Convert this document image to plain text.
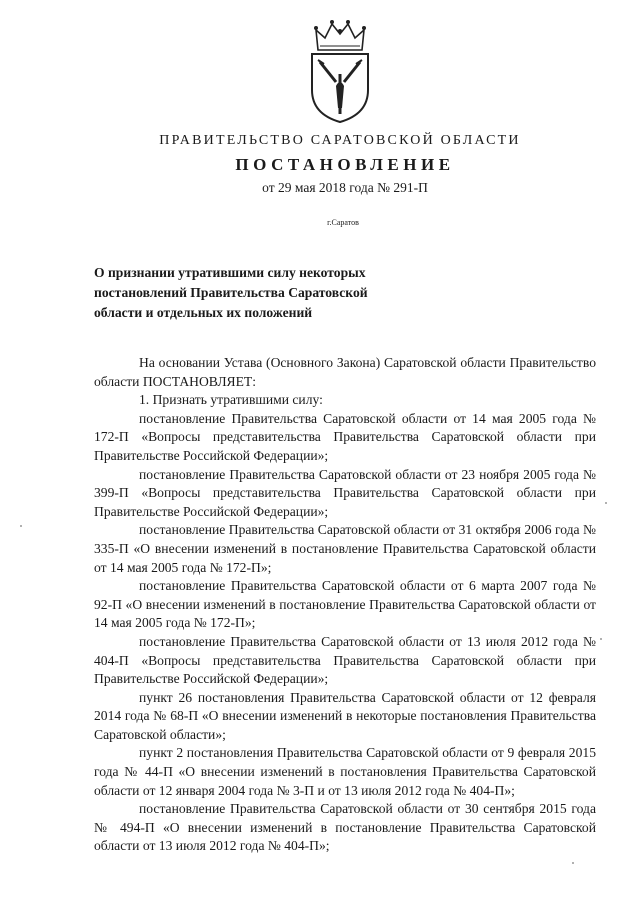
ПРАВИТЕЛЬСТВО САРАТОВСКОЙ ОБЛАСТИ
ПОСТАНОВЛЕНИЕ
от 29 мая 2018 года № 291-П
г.Саратов
О признании утратившими силу некоторых
постановлений Правительства Саратовской
области и отдельных их положений

На основании Устава (Основного Закона) Саратовской области Правительство области ПОСТАНОВЛЯЕТ:

1. Признать утратившими силу:

постановление Правительства Саратовской области от 14 мая 2005 года № 172-П «Вопросы представительства Правительства Саратовской области при Правительстве Российской Федерации»;

постановление Правительства Саратовской области от 23 ноября 2005 года № 399-П «Вопросы представительства Правительства Саратовской области при Правительстве Российской Федерации»;

постановление Правительства Саратовской области от 31 октября 2006 года № 335-П «О внесении изменений в постановление Правительства Саратовской области от 14 мая 2005 года № 172-П»;

постановление Правительства Саратовской области от 6 марта 2007 года № 92-П «О внесении изменений в постановление Правительства Саратовской области от 14 мая 2005 года № 172-П»;

постановление Правительства Саратовской области от 13 июля 2012 года № 404-П «Вопросы представительства Правительства Саратовской области при Правительстве Российской Федерации»;

пункт 26 постановления Правительства Саратовской области от 12 февраля 2014 года № 68-П «О внесении изменений в некоторые постановления Правительства Саратовской области»;

пункт 2 постановления Правительства Саратовской области от 9 февраля 2015 года № 44-П «О внесении изменений в постановления Правительства Саратовской области от 12 января 2004 года № 3-П и от 13 июля 2012 года № 404-П»;

постановление Правительства Саратовской области от 30 сентября 2015 года № 494-П «О внесении изменений в постановление Правительства Саратовской области от 13 июля 2012 года № 404-П»;
